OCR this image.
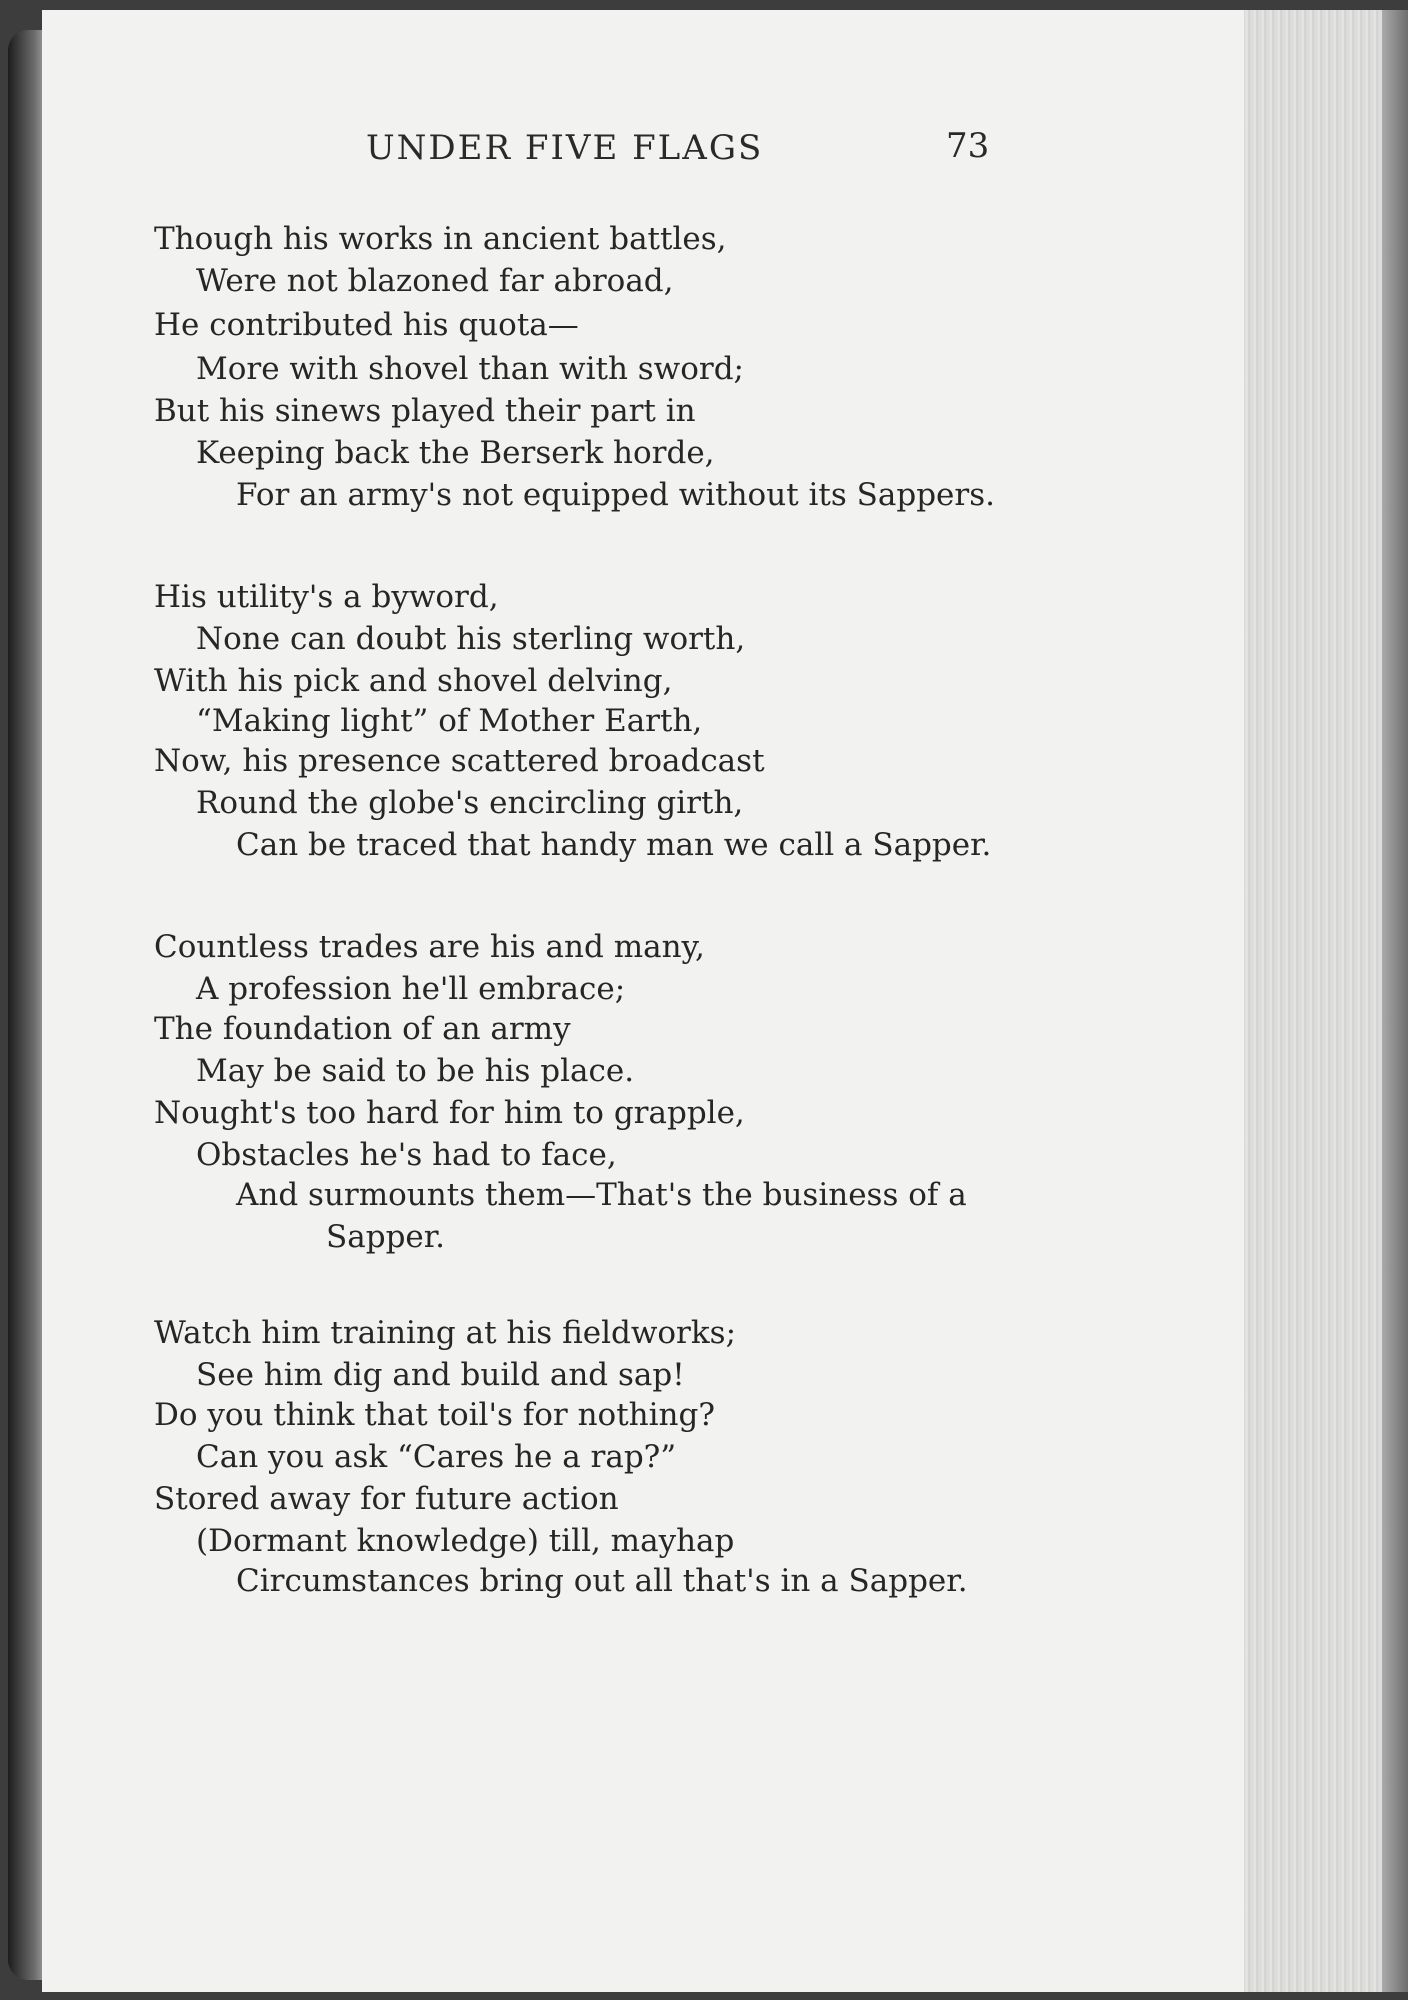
UNDER FIVE FLAGS	73
Though his works in ancient battles,
Were not blazoned far abroad,
He contributed his quota—
More with shovel than with sword;
But his sinews played their part in
Keeping back the Berserk horde,
For an army's not equipped without its Sappers.
His utility's a byword,
None can doubt his sterling worth,
With his pick and shovel delving,
“Making light” of Mother Earth,
Now, his presence scattered broadcast
Round the globe's encircling girth,
Can be traced that handy man we call a Sapper.
Countless trades are his and many,
A profession he'll embrace;
The foundation of an army
May be said to be his place.
Nought's too hard for him to grapple,
Obstacles he's had to face,
And surmounts them—That's the business of a
Sapper.
Watch him training at his fieldworks;
See him dig and build and sap!
Do you think that toil's for nothing?
Can you ask “Cares he a rap?”
Stored away for future action
(Dormant knowledge) till, mayhap
Circumstances bring out all that's in a Sapper.
